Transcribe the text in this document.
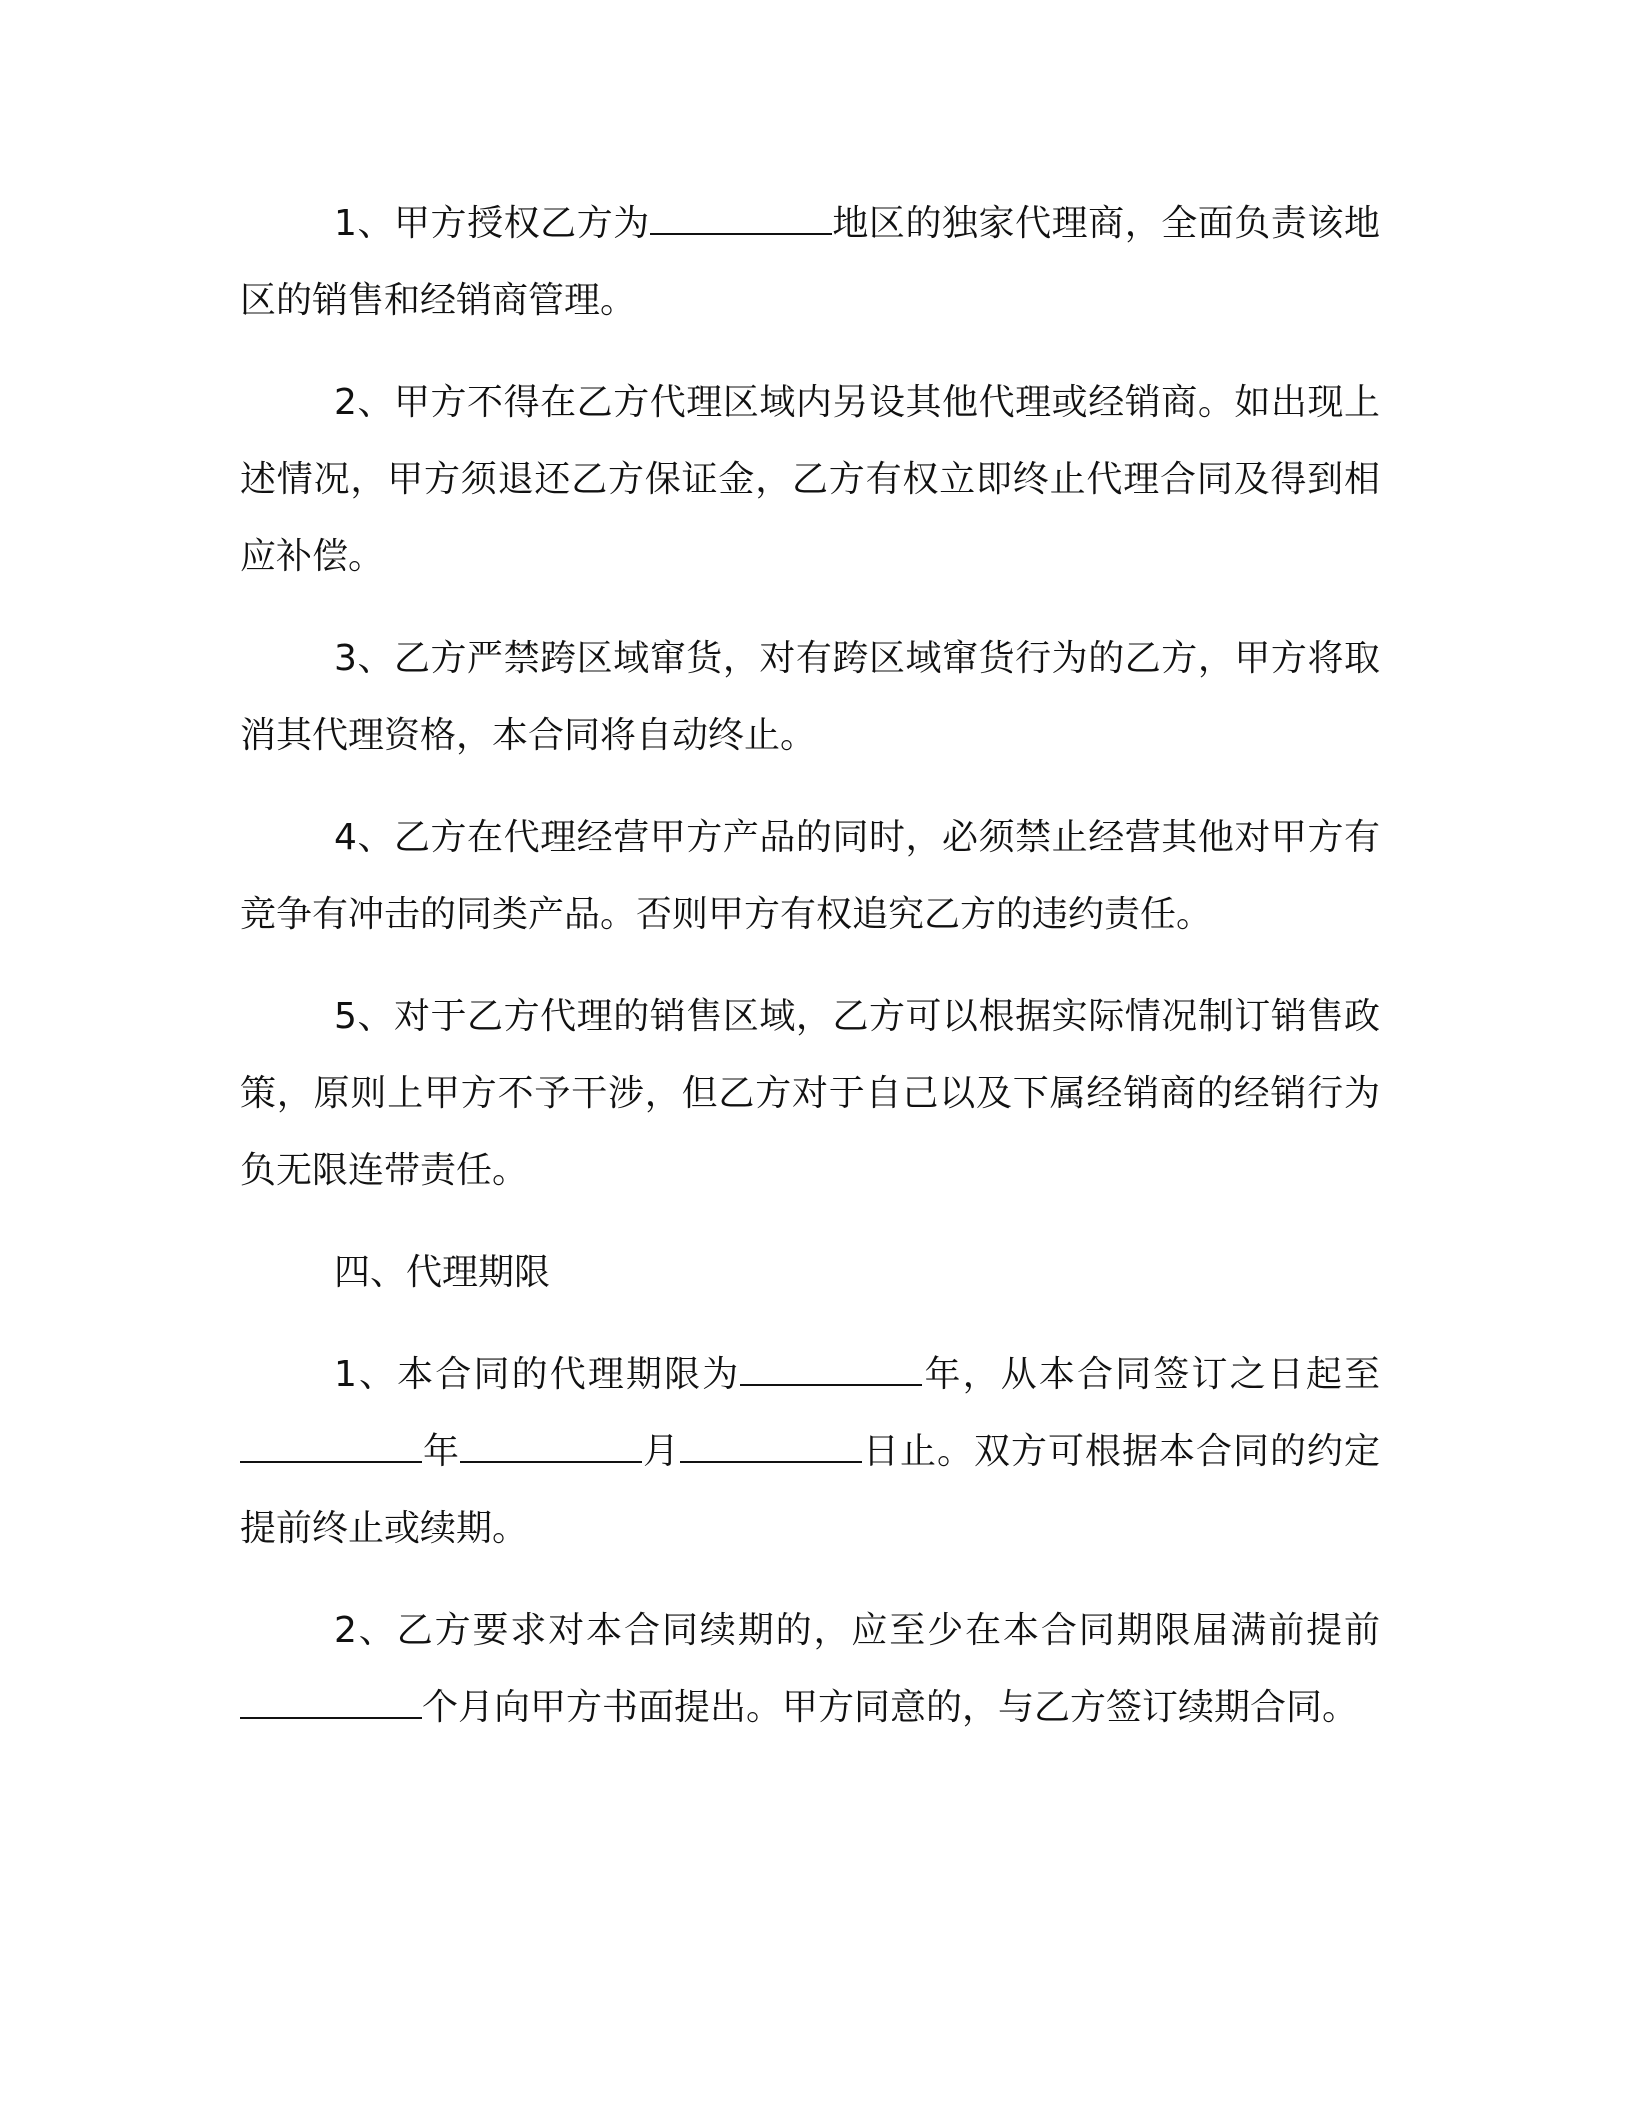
1、甲方授权乙方为	地区的独家代理商，全面负责该地区的销售和经销商管理。

2、甲方不得在乙方代理区域内另设其他代理或经销商。如出现上述情况，甲方须退还乙方保证金，乙方有权立即终止代理合同及得到相应补偿。

3、乙方严禁跨区域窜货，对有跨区域窜货行为的乙方，甲方将取消其代理资格，本合同将自动终止。

4、乙方在代理经营甲方产品的同时，必须禁止经营其他对甲方有竞争有冲击的同类产品。否则甲方有权追究乙方的违约责任。

5、对于乙方代理的销售区域，乙方可以根据实际情况制订销售政策，原则上甲方不予干涉，但乙方对于自己以及下属经销商的经销行为负无限连带责任。

四、代理期限

1、本合同的代理期限为	年，从本合同签订之日起至年	月	日止。双方可根据本合同的约定提前终止或续期。

2、乙方要求对本合同续期的，应至少在本合同期限届满前提前个月向甲方书面提出。甲方同意的，与乙方签订续期合同。
